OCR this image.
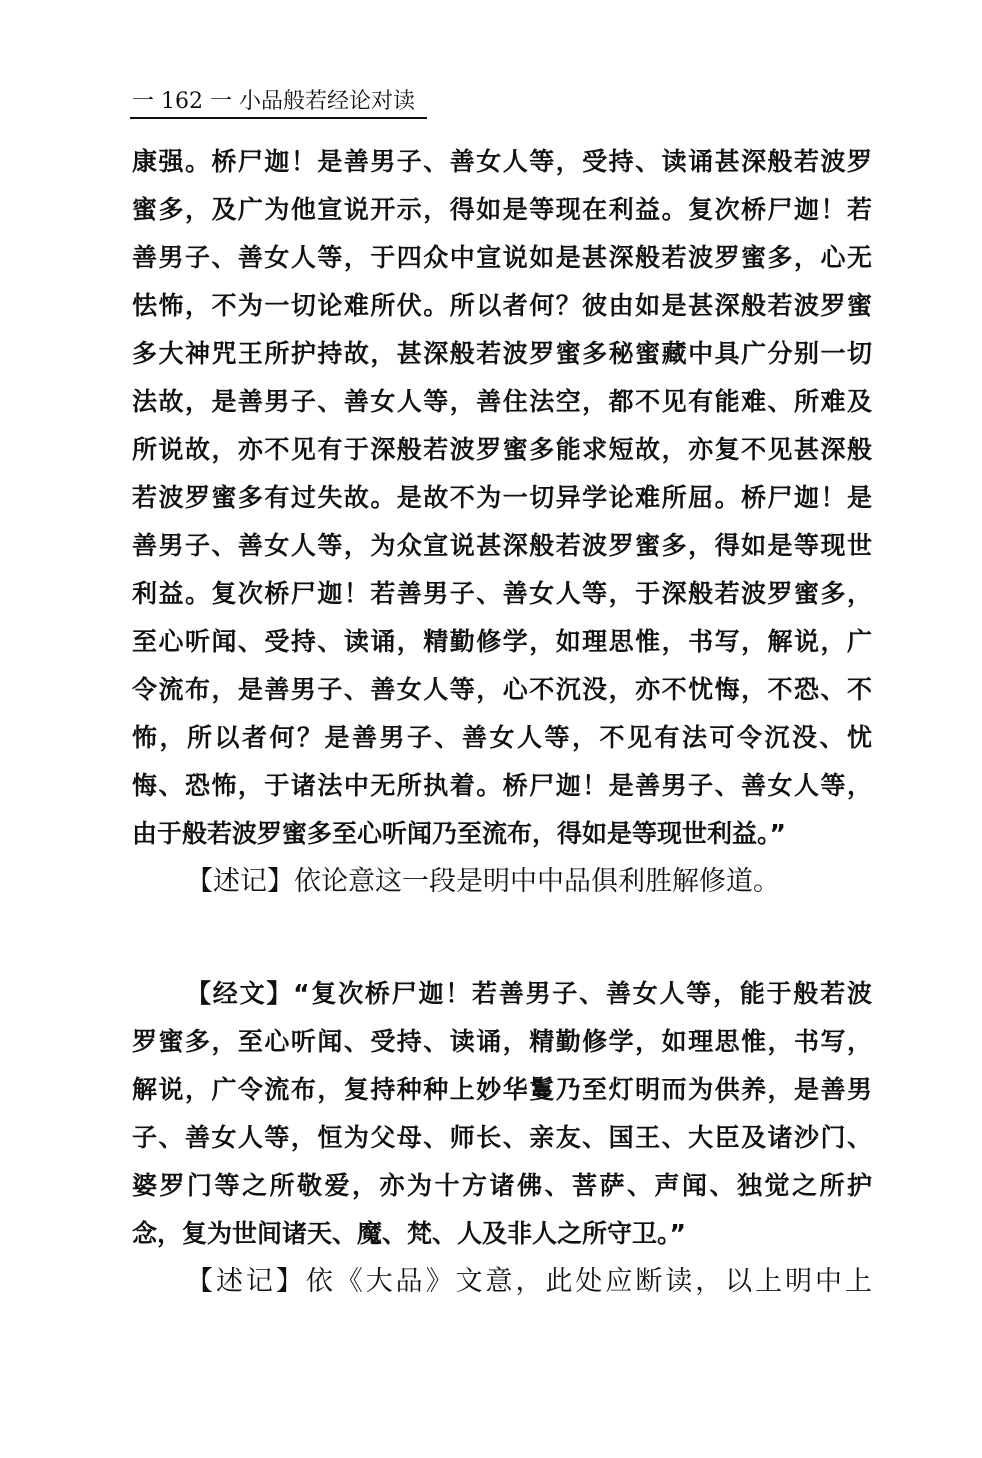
一 162 一 小品般若经论对读
康强。桥尸迦！是善男子、善女人等，受持、读诵甚深般若波罗
蜜多，及广为他宣说开示，得如是等现在利益。复次桥尸迦！若
善男子、善女人等，于四众中宣说如是甚深般若波罗蜜多，心无
怯怖，不为一切论难所伏。所以者何？彼由如是甚深般若波罗蜜
多大神咒王所护持故，甚深般若波罗蜜多秘蜜藏中具广分别一切
法故，是善男子、善女人等，善住法空，都不见有能难、所难及
所说故，亦不见有于深般若波罗蜜多能求短故，亦复不见甚深般
若波罗蜜多有过失故。是故不为一切异学论难所屈。桥尸迦！是
善男子、善女人等，为众宣说甚深般若波罗蜜多，得如是等现世
利益。复次桥尸迦！若善男子、善女人等，于深般若波罗蜜多，
至心听闻、受持、读诵，精勤修学，如理思惟，书写，解说，广
令流布，是善男子、善女人等，心不沉没，亦不忧悔，不恐、不
怖，所以者何？是善男子、善女人等，不见有法可令沉没、忧
悔、恐怖，于诸法中无所执着。桥尸迦！是善男子、善女人等，
由于般若波罗蜜多至心听闻乃至流布，得如是等现世利益。”
【述记】依论意这一段是明中中品俱利胜解修道。
【经文】“复次桥尸迦！若善男子、善女人等，能于般若波
罗蜜多，至心听闻、受持、读诵，精勤修学，如理思惟，书写，
解说，广令流布，复持种种上妙华鬘乃至灯明而为供养，是善男
子、善女人等，恒为父母、师长、亲友、国王、大臣及诸沙门、
婆罗门等之所敬爱，亦为十方诸佛、菩萨、声闻、独觉之所护
念，复为世间诸天、魔、梵、人及非人之所守卫。”
【述记】依《大品》文意，此处应断读，以上明中上
